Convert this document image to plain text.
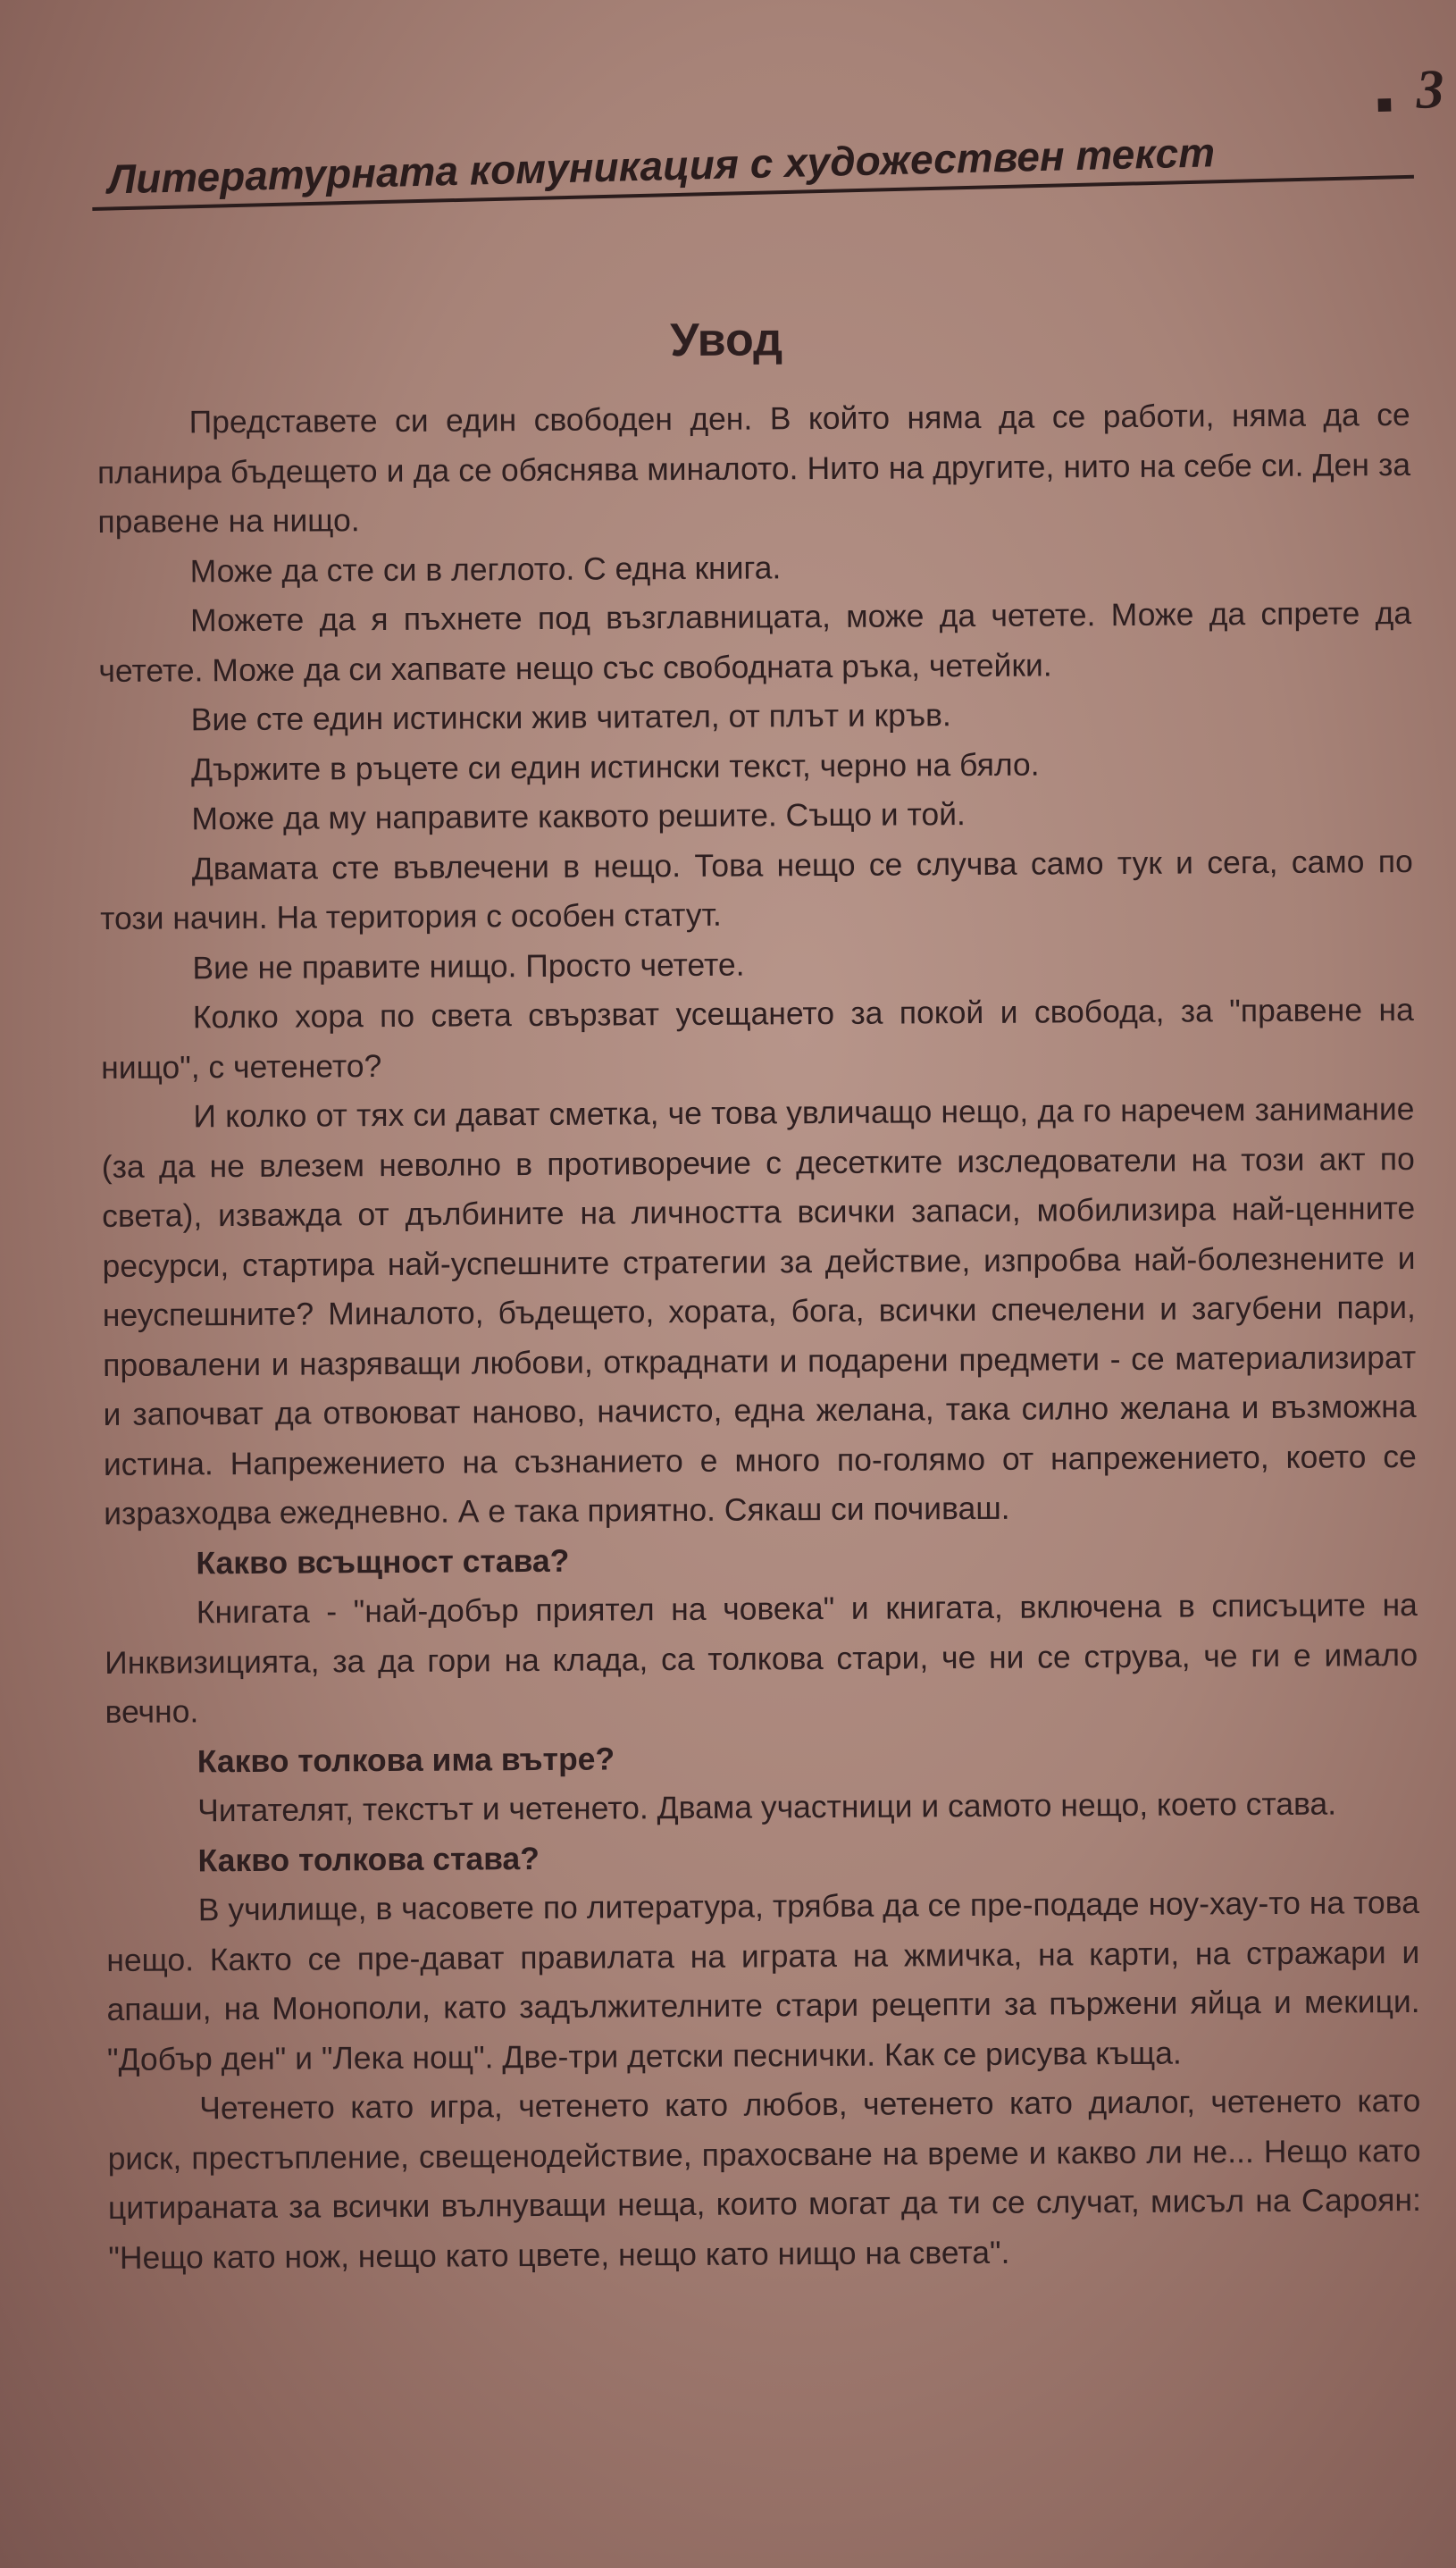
Литературната комуникация с художествен текст
■ 3
Увод

Представете си един свободен ден. В който няма да се работи, няма да се планира бъдещето и да се обяснява миналото. Нито на другите, нито на себе си. Ден за правене на нищо.

Може да сте си в леглото. С една книга.

Можете да я пъхнете под възглавницата, може да четете. Може да спрете да четете. Може да си хапвате нещо със свободната ръка, четейки.

Вие сте един истински жив читател, от плът и кръв.

Държите в ръцете си един истински текст, черно на бяло.

Може да му направите каквото решите. Също и той.

Двамата сте въвлечени в нещо. Това нещо се случва само тук и сега, само по този начин. На територия с особен статут.

Вие не правите нищо. Просто четете.

Колко хора по света свързват усещането за покой и свобода, за "правене на нищо", с четенето?

И колко от тях си дават сметка, че това увличащо нещо, да го наречем занимание (за да не влезем неволно в противоречие с десетките изследователи на този акт по света), изважда от дълбините на личността всички запаси, мобилизира най-ценните ресурси, стартира най-успешните стратегии за действие, изпробва най-болезнените и неуспешните? Миналото, бъдещето, хората, бога, всички спечелени и загубени пари, провалени и назряващи любови, откраднати и подарени предмети - се материализират и започват да отвоюват наново, начисто, една желана, така силно желана и възможна истина. Напрежението на съзнанието е много по-голямо от напрежението, което се изразходва ежедневно. А е така приятно. Сякаш си почиваш.

Какво всъщност става?

Книгата - "най-добър приятел на човека" и книгата, включена в списъците на Инквизицията, за да гори на клада, са толкова стари, че ни се струва, че ги е имало вечно.

Какво толкова има вътре?

Читателят, текстът и четенето. Двама участници и самото нещо, което става.

Какво толкова става?

В училище, в часовете по литература, трябва да се пре-подаде ноу-хау-то на това нещо. Както се пре-дават правилата на играта на жмичка, на карти, на стражари и апаши, на Монополи, като задължителните стари рецепти за пържени яйца и мекици. "Добър ден" и "Лека нощ". Две-три детски песнички. Как се рисува къща.

Четенето като игра, четенето като любов, четенето като диалог, четенето като риск, престъпление, свещенодействие, прахосване на време и какво ли не... Нещо като цитираната за всички вълнуващи неща, които могат да ти се случат, мисъл на Сароян: "Нещо като нож, нещо като цвете, нещо като нищо на света".
